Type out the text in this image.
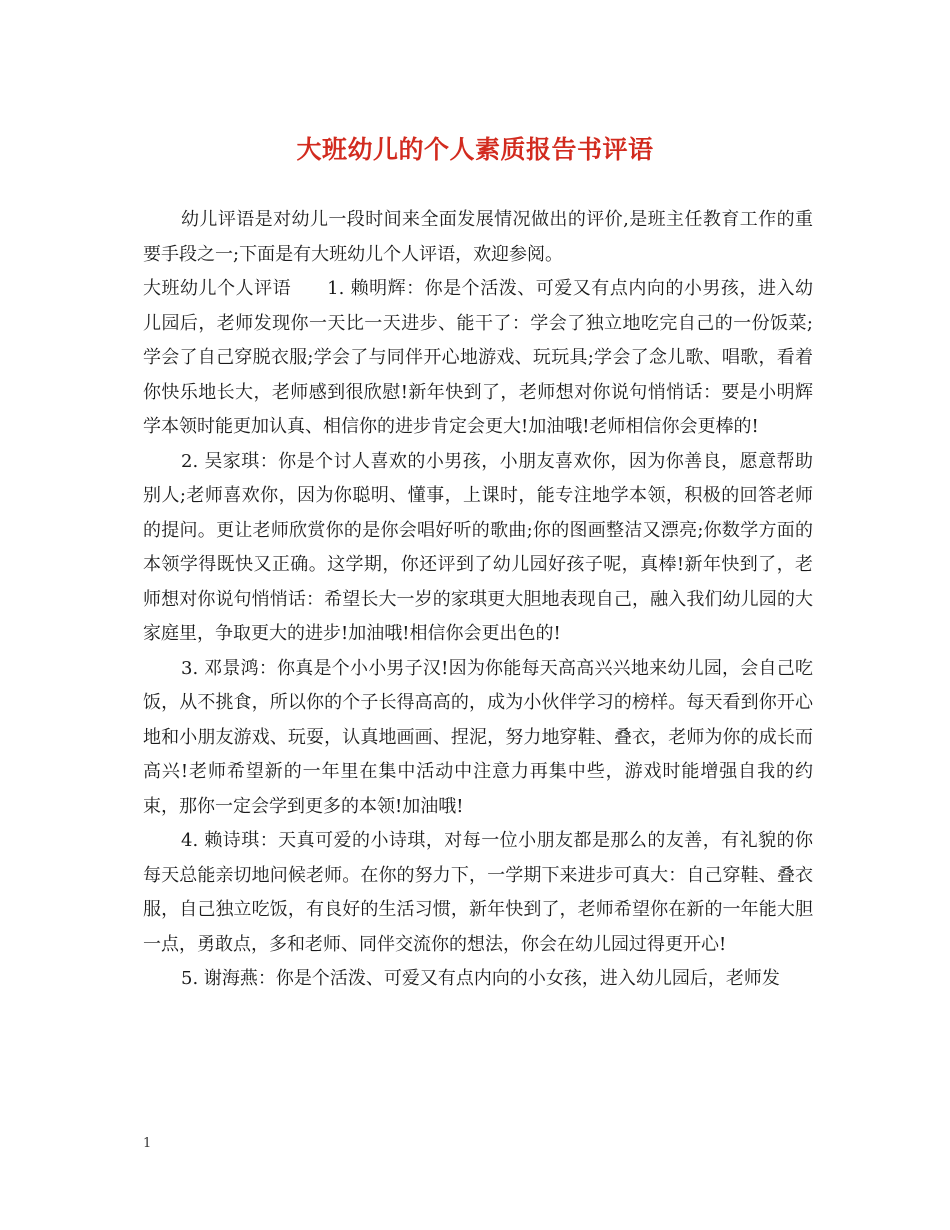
大班幼儿的个人素质报告书评语

幼儿评语是对幼儿一段时间来全面发展情况做出的评价,是班主任教育工作的重要手段之一;下面是有大班幼儿个人评语，欢迎参阅。

大班幼儿个人评语 1. 赖明辉：你是个活泼、可爱又有点内向的小男孩，进入幼儿园后，老师发现你一天比一天进步、能干了：学会了独立地吃完自己的一份饭菜;学会了自己穿脱衣服;学会了与同伴开心地游戏、玩玩具;学会了念儿歌、唱歌，看着你快乐地长大，老师感到很欣慰!新年快到了，老师想对你说句悄悄话：要是小明辉学本领时能更加认真、相信你的进步肯定会更大!加油哦!老师相信你会更棒的!

2. 吴家琪：你是个讨人喜欢的小男孩，小朋友喜欢你，因为你善良，愿意帮助别人;老师喜欢你，因为你聪明、懂事，上课时，能专注地学本领，积极的回答老师的提问。更让老师欣赏你的是你会唱好听的歌曲;你的图画整洁又漂亮;你数学方面的本领学得既快又正确。这学期，你还评到了幼儿园好孩子呢，真棒!新年快到了，老师想对你说句悄悄话：希望长大一岁的家琪更大胆地表现自己，融入我们幼儿园的大家庭里，争取更大的进步!加油哦!相信你会更出色的!

3. 邓景鸿：你真是个小小男子汉!因为你能每天高高兴兴地来幼儿园，会自己吃饭，从不挑食，所以你的个子长得高高的，成为小伙伴学习的榜样。每天看到你开心地和小朋友游戏、玩耍，认真地画画、捏泥，努力地穿鞋、叠衣，老师为你的成长而高兴!老师希望新的一年里在集中活动中注意力再集中些，游戏时能增强自我的约束，那你一定会学到更多的本领!加油哦!

4. 赖诗琪：天真可爱的小诗琪，对每一位小朋友都是那么的友善，有礼貌的你每天总能亲切地问候老师。在你的努力下，一学期下来进步可真大：自己穿鞋、叠衣服，自己独立吃饭，有良好的生活习惯，新年快到了，老师希望你在新的一年能大胆一点，勇敢点，多和老师、同伴交流你的想法，你会在幼儿园过得更开心!

5. 谢海燕：你是个活泼、可爱又有点内向的小女孩，进入幼儿园后，老师发

1
